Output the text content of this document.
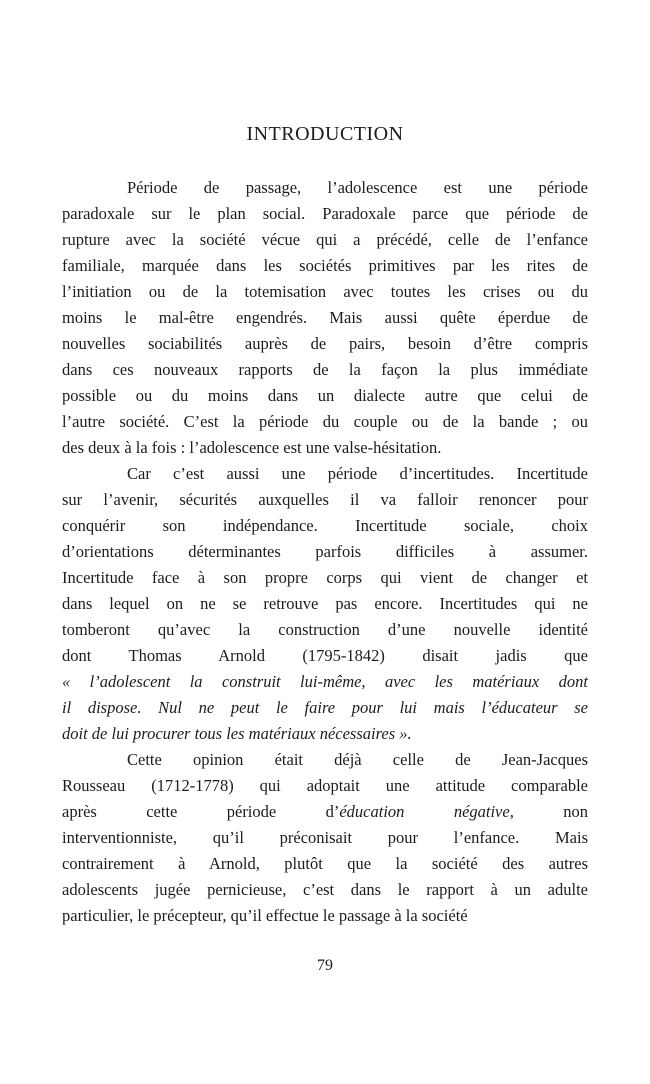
INTRODUCTION
Période de passage, l’adolescence est une période
paradoxale sur le plan social. Paradoxale parce que période de
rupture avec la société vécue qui a précédé, celle de l’enfance
familiale, marquée dans les sociétés primitives par les rites de
l’initiation ou de la totemisation avec toutes les crises ou du
moins le mal-être engendrés. Mais aussi quête éperdue de
nouvelles sociabilités auprès de pairs, besoin d’être compris
dans ces nouveaux rapports de la façon la plus immédiate
possible ou du moins dans un dialecte autre que celui de
l’autre société. C’est la période du couple ou de la bande ; ou
des deux à la fois : l’adolescence est une valse-hésitation.
Car c’est aussi une période d’incertitudes. Incertitude
sur l’avenir, sécurités auxquelles il va falloir renoncer pour
conquérir son indépendance. Incertitude sociale, choix
d’orientations déterminantes parfois difficiles à assumer.
Incertitude face à son propre corps qui vient de changer et
dans lequel on ne se retrouve pas encore. Incertitudes qui ne
tomberont qu’avec la construction d’une nouvelle identité
dont Thomas Arnold (1795-1842) disait jadis que
« l’adolescent la construit lui-même, avec les matériaux dont
il dispose. Nul ne peut le faire pour lui mais l’éducateur se
doit de lui procurer tous les matériaux nécessaires ».
Cette opinion était déjà celle de Jean-Jacques
Rousseau (1712-1778) qui adoptait une attitude comparable
après cette période d’éducation négative, non
interventionniste, qu’il préconisait pour l’enfance. Mais
contrairement à Arnold, plutôt que la société des autres
adolescents jugée pernicieuse, c’est dans le rapport à un adulte
particulier, le précepteur, qu’il effectue le passage à la société
79
